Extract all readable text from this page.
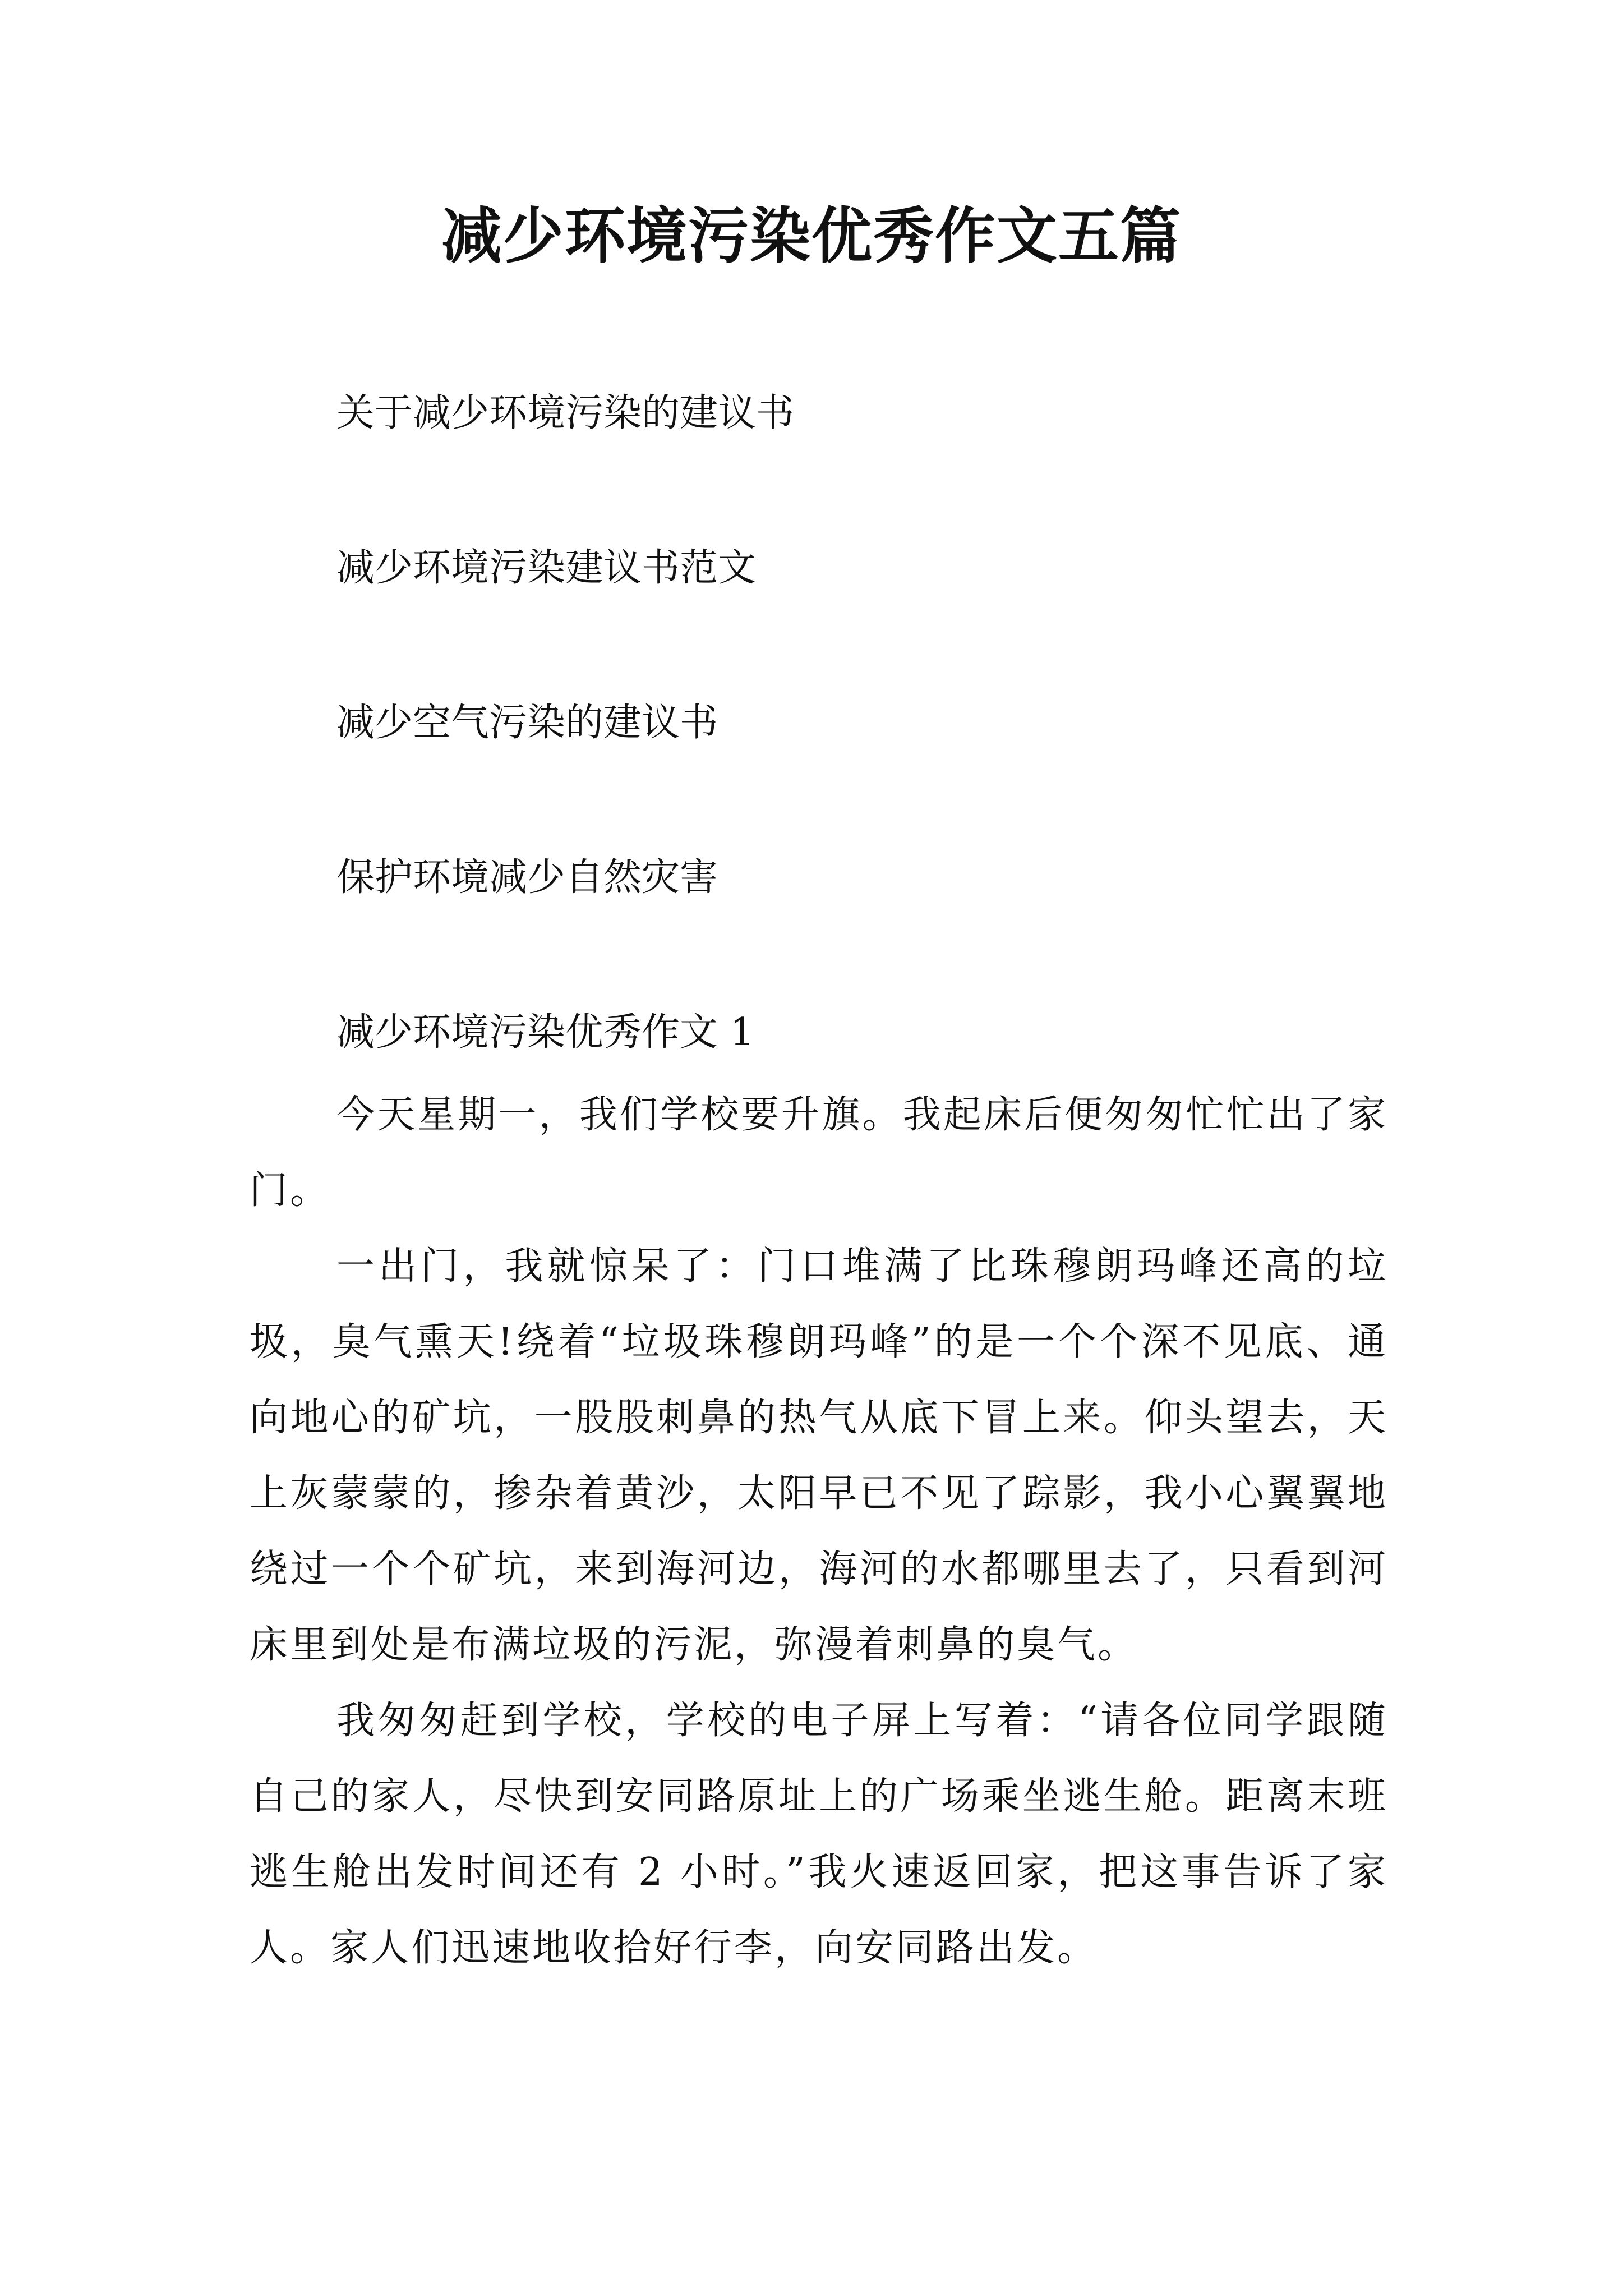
减少环境污染优秀作文五篇
关于减少环境污染的建议书
减少环境污染建议书范文
减少空气污染的建议书
保护环境减少自然灾害
减少环境污染优秀作文 1

今天星期一，我们学校要升旗。我起床后便匆匆忙忙出了家门。

一出门，我就惊呆了：门口堆满了比珠穆朗玛峰还高的垃圾，臭气熏天!绕着“垃圾珠穆朗玛峰”的是一个个深不见底、通向地心的矿坑，一股股刺鼻的热气从底下冒上来。仰头望去，天上灰蒙蒙的，掺杂着黄沙，太阳早已不见了踪影，我小心翼翼地绕过一个个矿坑，来到海河边，海河的水都哪里去了，只看到河床里到处是布满垃圾的污泥，弥漫着刺鼻的臭气。

我匆匆赶到学校，学校的电子屏上写着：“请各位同学跟随自己的家人，尽快到安同路原址上的广场乘坐逃生舱。距离末班逃生舱出发时间还有 2 小时。”我火速返回家，把这事告诉了家人。家人们迅速地收拾好行李，向安同路出发。
